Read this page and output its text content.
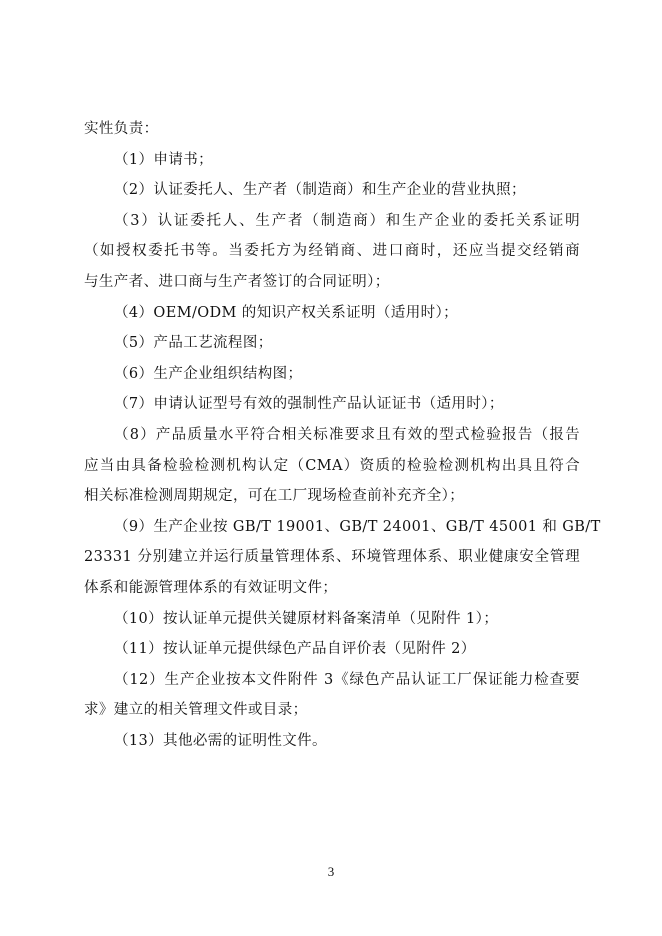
实性负责：

（1）申请书；

（2）认证委托人、生产者（制造商）和生产企业的营业执照；

（3）认证委托人、生产者（制造商）和生产企业的委托关系证明
（如授权委托书等。当委托方为经销商、进口商时，还应当提交经销商
与生产者、进口商与生产者签订的合同证明）；

（4）OEM/ODM 的知识产权关系证明（适用时）；

（5）产品工艺流程图；

（6）生产企业组织结构图；

（7）申请认证型号有效的强制性产品认证证书（适用时）；

（8）产品质量水平符合相关标准要求且有效的型式检验报告（报告
应当由具备检验检测机构认定（CMA）资质的检验检测机构出具且符合
相关标准检测周期规定，可在工厂现场检查前补充齐全）；

（9）生产企业按 GB/T 19001、GB/T 24001、GB/T 45001 和 GB/T
23331 分别建立并运行质量管理体系、环境管理体系、职业健康安全管理
体系和能源管理体系的有效证明文件；

（10）按认证单元提供关键原材料备案清单（见附件 1）；

（11）按认证单元提供绿色产品自评价表（见附件 2）

（12）生产企业按本文件附件 3《绿色产品认证工厂保证能力检查要
求》建立的相关管理文件或目录；

（13）其他必需的证明性文件。

3
